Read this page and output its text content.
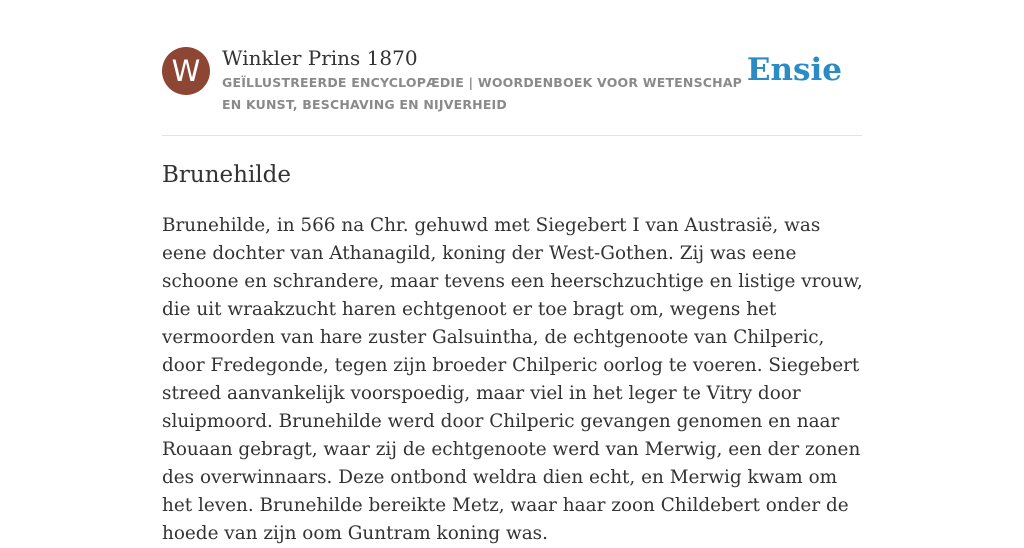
W	Winkler Prins 1870
GEÏLLUSTREERDE ENCYCLOPÆDIE | WOORDENBOEK VOOR WETENSCHAP EN KUNST, BESCHAVING EN NIJVERHEID
Ensie
Brunehilde

Brunehilde, in 566 na Chr. gehuwd met Siegebert I van Austrasië, was eene dochter van Athanagild, koning der West-Gothen. Zij was eene schoone en schrandere, maar tevens een heerschzuchtige en listige vrouw, die uit wraakzucht haren echtgenoot er toe bragt om, wegens het vermoorden van hare zuster Galsuintha, de echtgenoote van Chilperic, door Fredegonde, tegen zijn broeder Chilperic oorlog te voeren. Siegebert streed aanvankelijk voorspoedig, maar viel in het leger te Vitry door sluipmoord. Brunehilde werd door Chilperic gevangen genomen en naar Rouaan gebragt, waar zij de echtgenoote werd van Merwig, een der zonen des overwinnaars. Deze ontbond weldra dien echt, en Merwig kwam om het leven. Brunehilde bereikte Metz, waar haar zoon Childebert onder de hoede van zijn oom Guntram koning was.
